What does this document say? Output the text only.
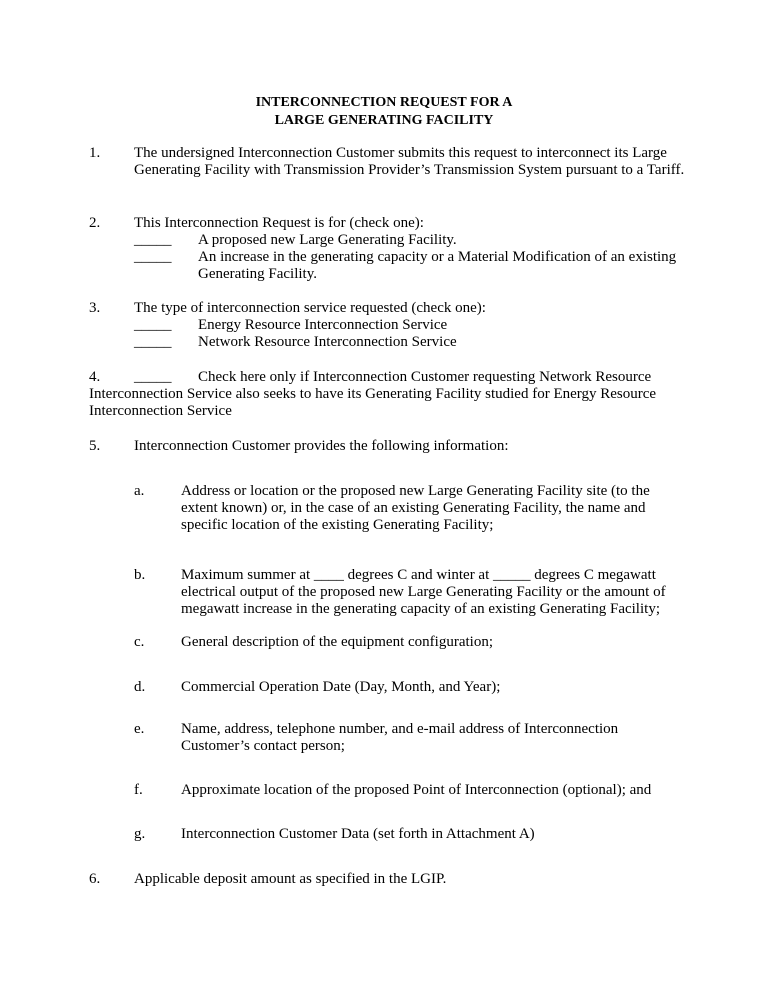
INTERCONNECTION REQUEST FOR A
LARGE GENERATING FACILITY
1. The undersigned Interconnection Customer submits this request to interconnect its Large Generating Facility with Transmission Provider’s Transmission System pursuant to a Tariff.
2. This Interconnection Request is for (check one):
_____ A proposed new Large Generating Facility.
_____ An increase in the generating capacity or a Material Modification of an existing Generating Facility.
3. The type of interconnection service requested (check one):
_____ Energy Resource Interconnection Service
_____ Network Resource Interconnection Service
4. _____	Check here only if Interconnection Customer requesting Network Resource Interconnection Service also seeks to have its Generating Facility studied for Energy Resource Interconnection Service
5. Interconnection Customer provides the following information:
a. Address or location or the proposed new Large Generating Facility site (to the extent known) or, in the case of an existing Generating Facility, the name and specific location of the existing Generating Facility;
b. Maximum summer at ____ degrees C and winter at _____ degrees C megawatt electrical output of the proposed new Large Generating Facility or the amount of megawatt increase in the generating capacity of an existing Generating Facility;
c. General description of the equipment configuration;
d. Commercial Operation Date (Day, Month, and Year);
e. Name, address, telephone number, and e-mail address of Interconnection Customer’s contact person;
f.	Approximate location of the proposed Point of Interconnection (optional); and
g. Interconnection Customer Data (set forth in Attachment A)
6. Applicable deposit amount as specified in the LGIP.
